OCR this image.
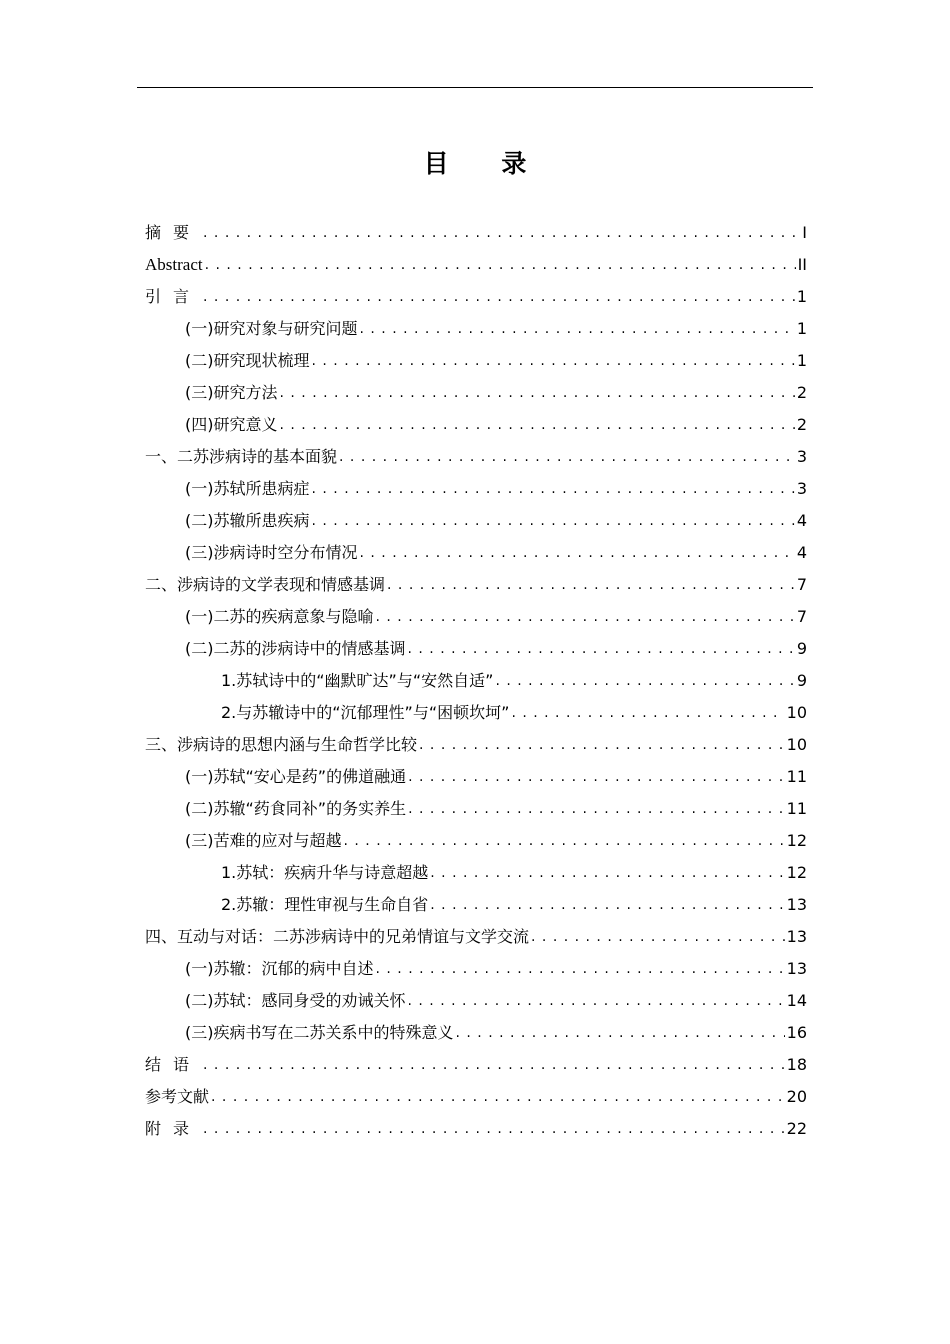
目 录
摘要 . . .	I
Abstract . . .	II
引言 . . .	1
(一)研究对象与研究问题 . . .	1
(二)研究现状梳理 . . .	1
(三)研究方法 . . .	2
(四)研究意义 . . .	2
一、二苏涉病诗的基本面貌 . . .	3
(一)苏轼所患病症 . . .	3
(二)苏辙所患疾病 . . .	4
(三)涉病诗时空分布情况 . . .	4
二、涉病诗的文学表现和情感基调 . . .	7
(一)二苏的疾病意象与隐喻 . . .	7
(二)二苏的涉病诗中的情感基调 . . .	9
1.苏轼诗中的“幽默旷达”与“安然自适” . . .	9
2.与苏辙诗中的“沉郁理性”与“困顿坎坷” . . .	10
三、涉病诗的思想内涵与生命哲学比较 . . .	10
(一)苏轼“安心是药”的佛道融通 . . .	11
(二)苏辙“药食同补”的务实养生 . . .	11
(三)苦难的应对与超越 . . .	12
1.苏轼：疾病升华与诗意超越 . . .	12
2.苏辙：理性审视与生命自省 . . .	13
四、互动与对话：二苏涉病诗中的兄弟情谊与文学交流 . . .	13
(一)苏辙：沉郁的病中自述 . . .	13
(二)苏轼：感同身受的劝诫关怀 . . .	14
(三)疾病书写在二苏关系中的特殊意义 . . .	16
结语 . . .	18
参考文献 . . .	20
附录 . . .	22
